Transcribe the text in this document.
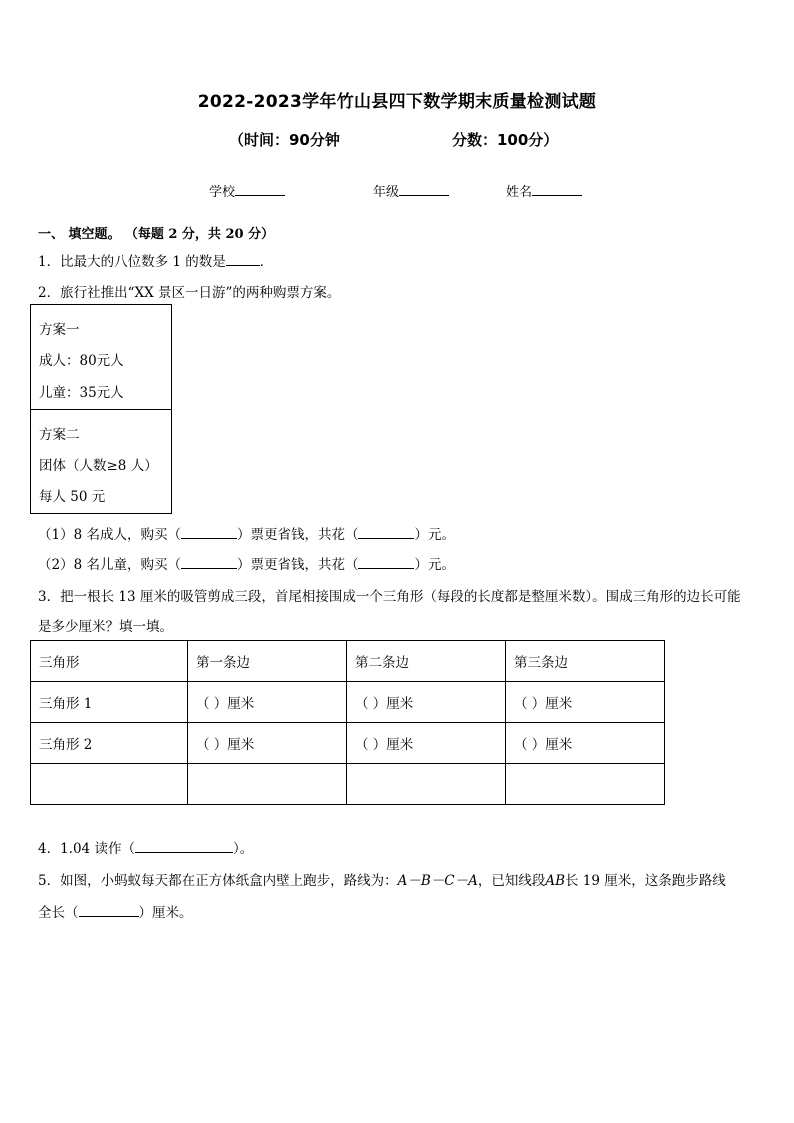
2022-2023学年竹山县四下数学期末质量检测试题
（时间：90分钟	分数：100分）
学校	年级	姓名
一、 填空题。 （每题 2 分，共 20 分）
1．比最大的八位数多 1 的数是	．
2．旅行社推出“XX 景区一日游”的两种购票方案。
方案一
成人：80元人
儿童：35元人
方案二
团体（人数≥8 人）
每人 50 元
（1）8 名成人，购买（	）票更省钱，共花（	）元。
（2）8 名儿童，购买（	）票更省钱，共花（	）元。
3．把一根长 13 厘米的吸管剪成三段，首尾相接围成一个三角形（每段的长度都是整厘米数）。围成三角形的边长可能
是多少厘米？填一填。
三角形	第一条边	第二条边	第三条边
三角形 1	（ ）厘米	（ ）厘米	（ ）厘米
三角形 2	（ ）厘米	（ ）厘米	（ ）厘米

4．1.04 读作（	）。
5．如图，小蚂蚁每天都在正方体纸盒内壁上跑步，路线为：A－B－C－A，已知线段AB长 19 厘米，这条跑步路线
全长（	）厘米。
